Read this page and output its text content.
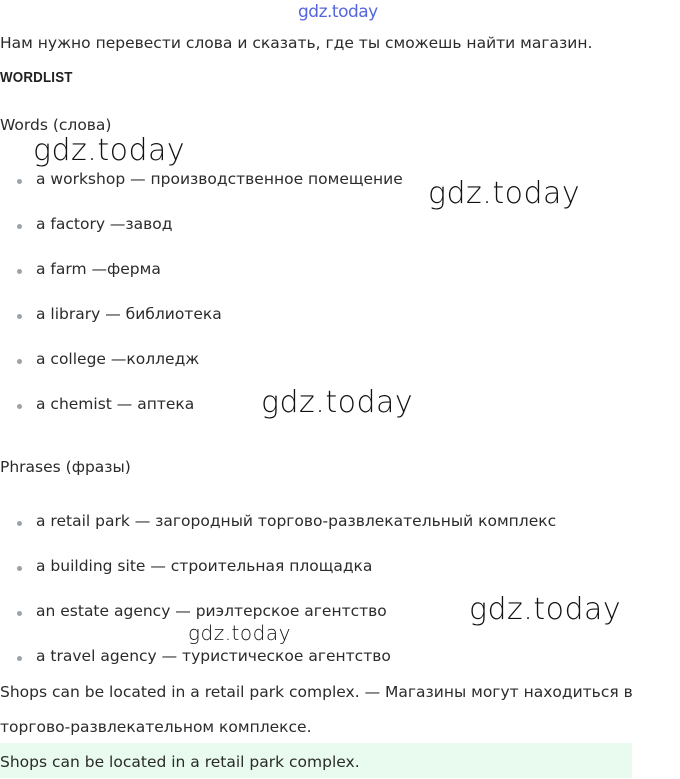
gdz.today
Нам нужно перевести слова и сказать, где ты сможешь найти магазин.
WORDLIST
Words (слова)
a workshop — производственное помещение
a factory —завод
a farm —ферма
a library — библиотека
a college —колледж
a chemist — аптека
Phrases (фразы)
a retail park — загородный торгово-развлекательный комплекс
a building site — строительная площадка
an estate agency — риэлтерское агентство
a travel agency — туристическое агентство
Shops can be located in a retail park complex. — Магазины могут находиться в
торгово-развлекательном комплексе.
Shops can be located in a retail park complex.
gdz.today
gdz.today
gdz.today
gdz.today
gdz.today
